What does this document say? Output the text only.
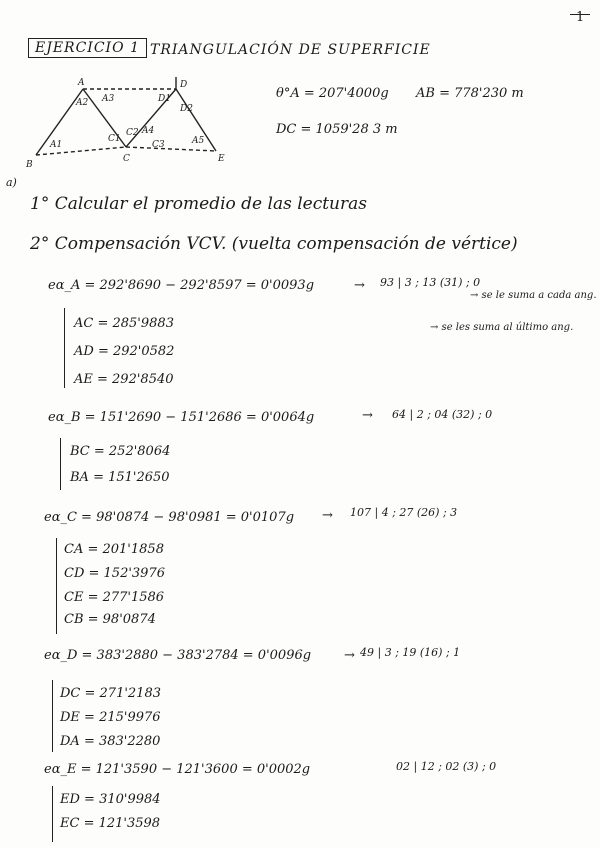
1
EJERCICIO 1 TRIANGULACIÓN DE SUPERFICIE
A
B
C
D
E
A1
A2 A3
A4
A5
D1
D2
C1
C2
C3
θ°A = 207'4000g AB = 778'230 m
DC = 1059'28 3 m
a)
1° Calcular el promedio de las lecturas
2° Compensación VCV. (vuelta compensación de vértice)
eα_A = 292'8690 − 292'8597 = 0'0093g	→ 93 | 3 ; 13 (31) ; 0
→ se le suma a cada ang.
→ se les suma al último ang.
AC = 285'9883
AD = 292'0582
AE = 292'8540
eα_B = 151'2690 − 151'2686 = 0'0064g	→ 64 | 2 ; 04 (32) ; 0
BC = 252'8064
BA = 151'2650
eα_C = 98'0874 − 98'0981 = 0'0107g → 107 | 4 ; 27 (26) ; 3
CA = 201'1858
CD = 152'3976
CE = 277'1586
CB = 98'0874
eα_D = 383'2880 − 383'2784 = 0'0096g	→ 49 | 3 ; 19 (16) ; 1
DC = 271'2183
DE = 215'9976
DA = 383'2280
eα_E = 121'3590 − 121'3600 = 0'0002g	02 | 12 ; 02 (3) ; 0
ED = 310'9984
EC = 121'3598
